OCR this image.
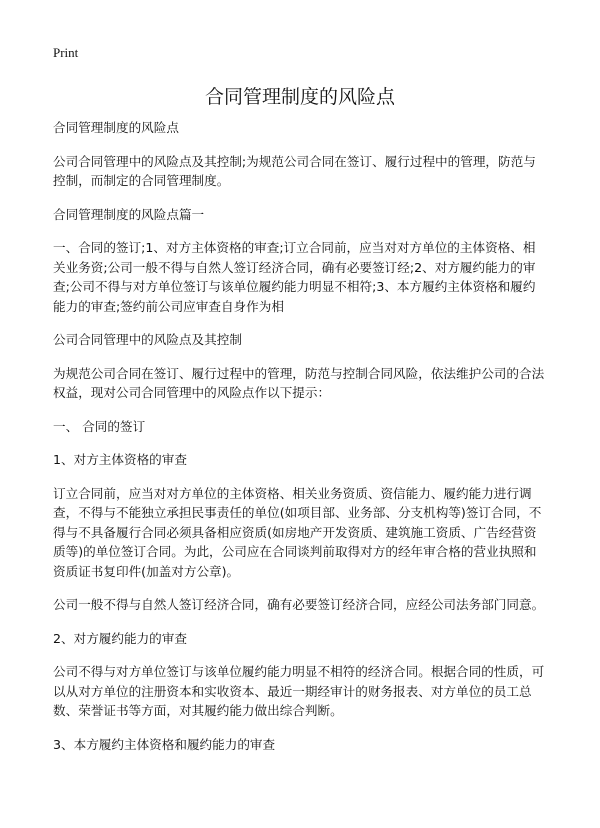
Print
合同管理制度的风险点

合同管理制度的风险点

公司合同管理中的风险点及其控制;为规范公司合同在签订、履行过程中的管理，防范与控制，而制定的合同管理制度。

合同管理制度的风险点篇一

一、合同的签订;1、对方主体资格的审查;订立合同前，应当对对方单位的主体资格、相关业务资;公司一般不得与自然人签订经济合同，确有必要签订经;2、对方履约能力的审查;公司不得与对方单位签订与该单位履约能力明显不相符;3、本方履约主体资格和履约能力的审查;签约前公司应审查自身作为相

公司合同管理中的风险点及其控制

为规范公司合同在签订、履行过程中的管理，防范与控制合同风险，依法维护公司的合法权益，现对公司合同管理中的风险点作以下提示：

一、 合同的签订

1、对方主体资格的审查

订立合同前，应当对对方单位的主体资格、相关业务资质、资信能力、履约能力进行调查，不得与不能独立承担民事责任的单位(如项目部、业务部、分支机构等)签订合同，不得与不具备履行合同必须具备相应资质(如房地产开发资质、建筑施工资质、广告经营资质等)的单位签订合同。为此，公司应在合同谈判前取得对方的经年审合格的营业执照和资质证书复印件(加盖对方公章)。

公司一般不得与自然人签订经济合同，确有必要签订经济合同，应经公司法务部门同意。

2、对方履约能力的审查

公司不得与对方单位签订与该单位履约能力明显不相符的经济合同。根据合同的性质，可以从对方单位的注册资本和实收资本、最近一期经审计的财务报表、对方单位的员工总数、荣誉证书等方面，对其履约能力做出综合判断。

3、本方履约主体资格和履约能力的审查
